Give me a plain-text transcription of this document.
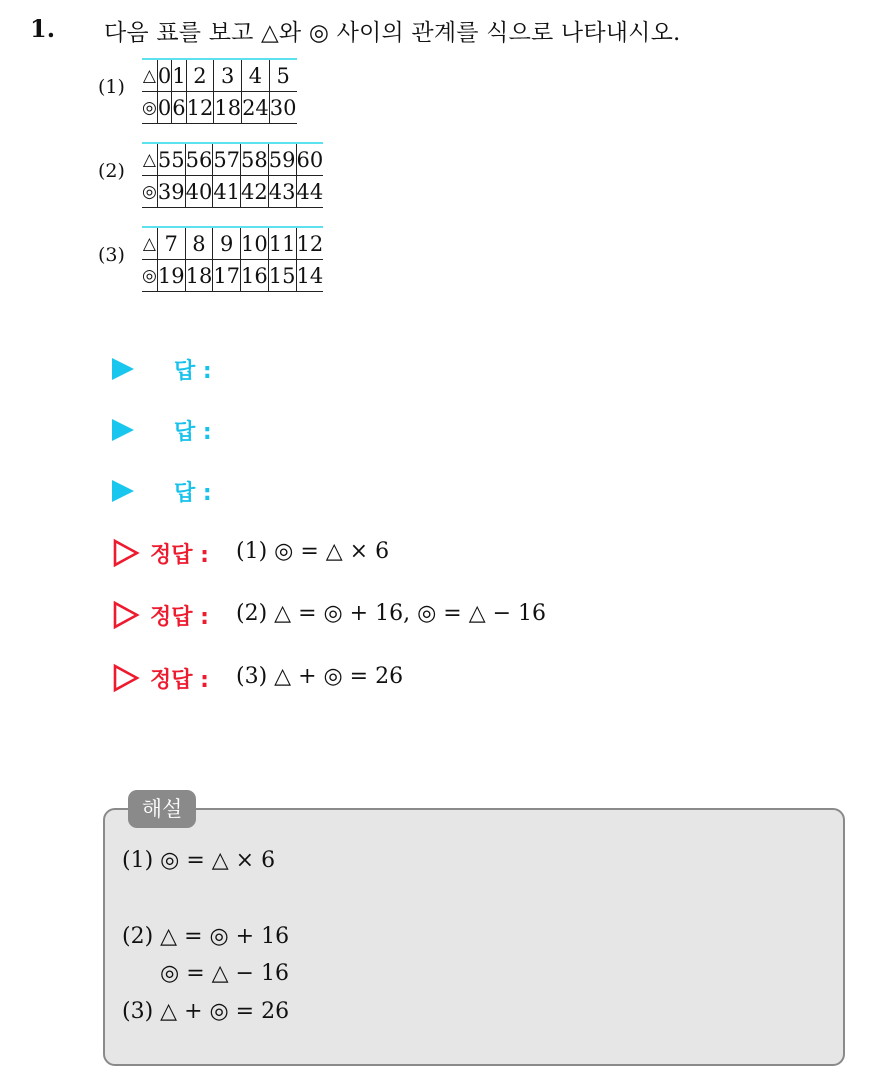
1. 다음 표를 보고 △와 ◎ 사이의 관계를 식으로 나타내시오.
(1)
△	0	1	2	3	4	5
◎	0	6	12	18	24	30
(2)
△	55	56	57	58	59	60
◎	39	40	41	42	43	44
(3)
△	7	8	9	10	11	12
◎	19	18	17	16	15	14
답 :
답 :
답 :
정답 : (1) ◎ = △ × 6
정답 : (2) △ = ◎ + 16, ◎ = △ − 16
정답 : (3) △ + ◎ = 26
해설
(1) ◎ = △ × 6
(2) △ = ◎ + 16
◎ = △ − 16
(3) △ + ◎ = 26
